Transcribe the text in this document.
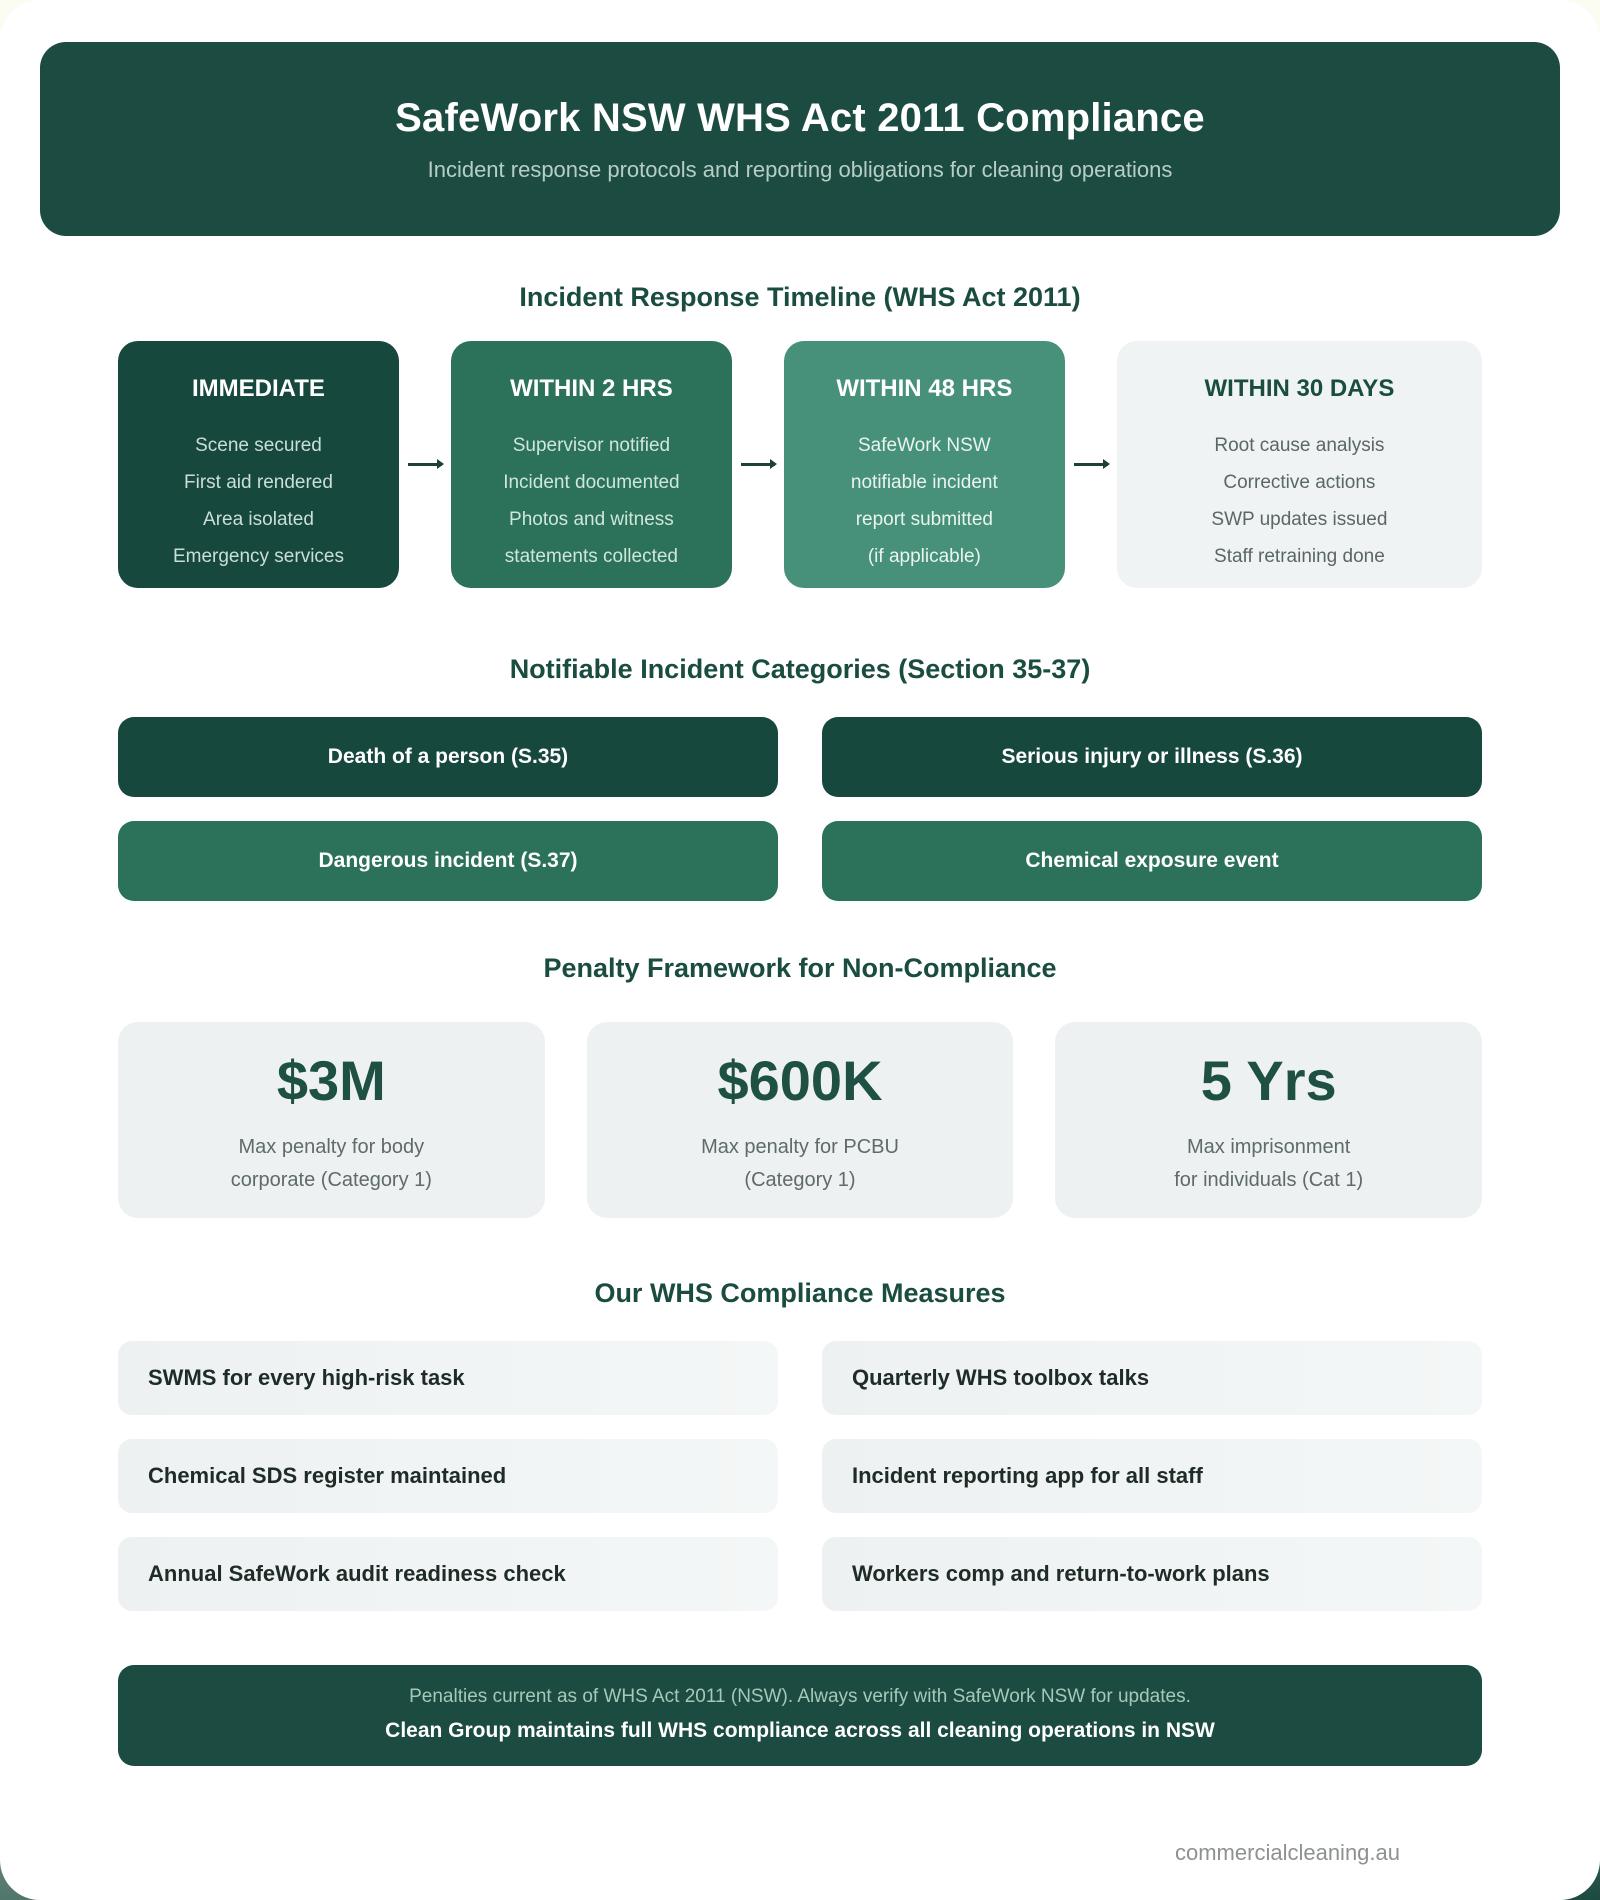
SafeWork NSW WHS Act 2011 Compliance
Incident response protocols and reporting obligations for cleaning operations
Incident Response Timeline (WHS Act 2011)
IMMEDIATE
Scene secured
First aid rendered
Area isolated
Emergency services
WITHIN 2 HRS
Supervisor notified
Incident documented
Photos and witness
statements collected
WITHIN 48 HRS
SafeWork NSW
notifiable incident
report submitted
(if applicable)
WITHIN 30 DAYS
Root cause analysis
Corrective actions
SWP updates issued
Staff retraining done
Notifiable Incident Categories (Section 35-37)
Death of a person (S.35)	Serious injury or illness (S.36)
Dangerous incident (S.37)	Chemical exposure event
Penalty Framework for Non-Compliance
$3M
Max penalty for body
corporate (Category 1)
$600K
Max penalty for PCBU
(Category 1)
5 Yrs
Max imprisonment
for individuals (Cat 1)
Our WHS Compliance Measures
SWMS for every high-risk task	Quarterly WHS toolbox talks
Chemical SDS register maintained	Incident reporting app for all staff
Annual SafeWork audit readiness check	Workers comp and return-to-work plans
Penalties current as of WHS Act 2011 (NSW). Always verify with SafeWork NSW for updates.
Clean Group maintains full WHS compliance across all cleaning operations in NSW
commercialcleaning.au
